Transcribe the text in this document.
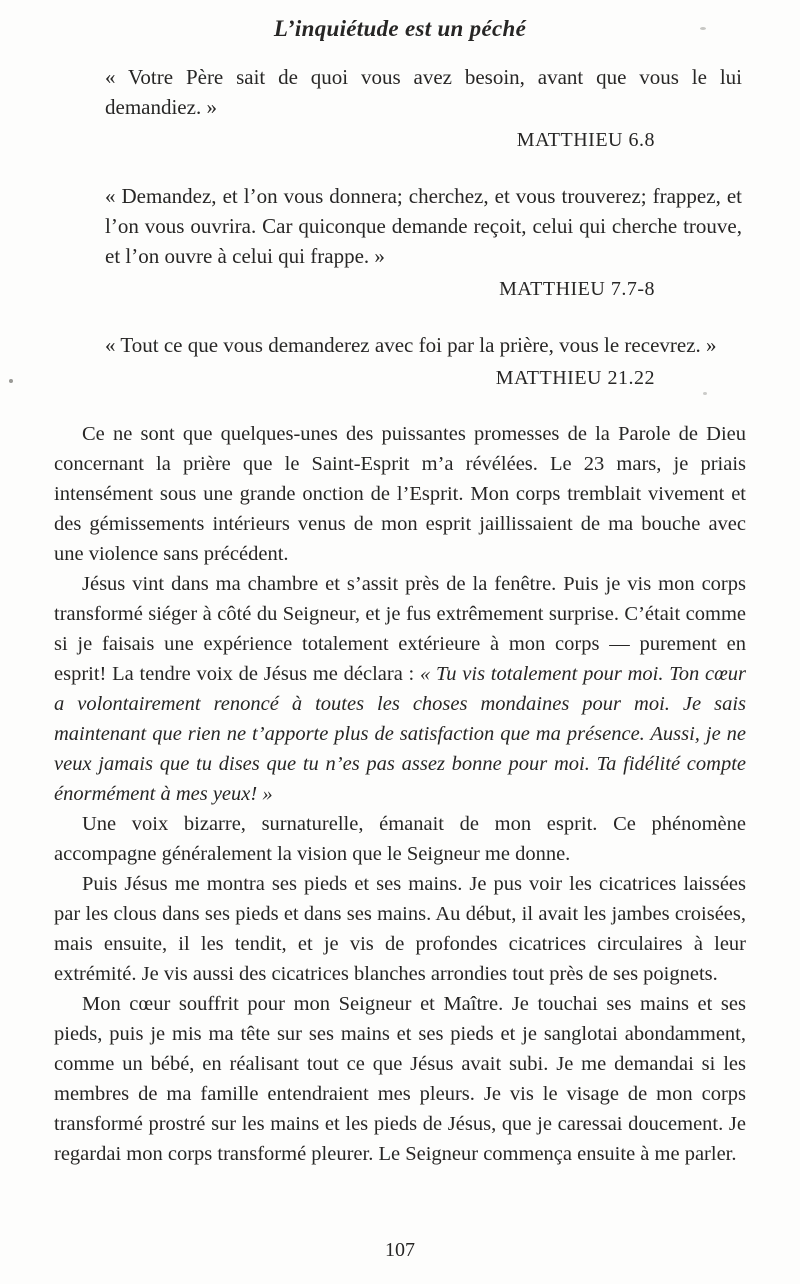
L’inquiétude est un péché

« Votre Père sait de quoi vous avez besoin, avant que vous le lui demandiez. »

MATTHIEU 6.8

« Demandez, et l’on vous donnera; cherchez, et vous trouverez; frappez, et l’on vous ouvrira. Car quiconque demande reçoit, celui qui cherche trouve, et l’on ouvre à celui qui frappe. »

MATTHIEU 7.7-8

« Tout ce que vous demanderez avec foi par la prière, vous le recevrez. »

MATTHIEU 21.22

Ce ne sont que quelques-unes des puissantes promesses de la Parole de Dieu concernant la prière que le Saint-Esprit m’a révélées. Le 23 mars, je priais intensément sous une grande onction de l’Esprit. Mon corps tremblait vivement et des gémissements intérieurs venus de mon esprit jaillissaient de ma bouche avec une violence sans précédent.

Jésus vint dans ma chambre et s’assit près de la fenêtre. Puis je vis mon corps transformé siéger à côté du Seigneur, et je fus extrêmement surprise. C’était comme si je faisais une expérience totalement extérieure à mon corps — purement en esprit! La tendre voix de Jésus me déclara : « Tu vis totalement pour moi. Ton cœur a volontairement renoncé à toutes les choses mondaines pour moi. Je sais maintenant que rien ne t’apporte plus de satisfaction que ma présence. Aussi, je ne veux jamais que tu dises que tu n’es pas assez bonne pour moi. Ta fidélité compte énormément à mes yeux! »

Une voix bizarre, surnaturelle, émanait de mon esprit. Ce phénomène accompagne généralement la vision que le Seigneur me donne.

Puis Jésus me montra ses pieds et ses mains. Je pus voir les cicatrices laissées par les clous dans ses pieds et dans ses mains. Au début, il avait les jambes croisées, mais ensuite, il les tendit, et je vis de profondes cicatrices circulaires à leur extrémité. Je vis aussi des cicatrices blanches arrondies tout près de ses poignets.

Mon cœur souffrit pour mon Seigneur et Maître. Je touchai ses mains et ses pieds, puis je mis ma tête sur ses mains et ses pieds et je sanglotai abondamment, comme un bébé, en réalisant tout ce que Jésus avait subi. Je me demandai si les membres de ma famille entendraient mes pleurs. Je vis le visage de mon corps transformé prostré sur les mains et les pieds de Jésus, que je caressai doucement. Je regardai mon corps transformé pleurer. Le Seigneur commença ensuite à me parler.

107
